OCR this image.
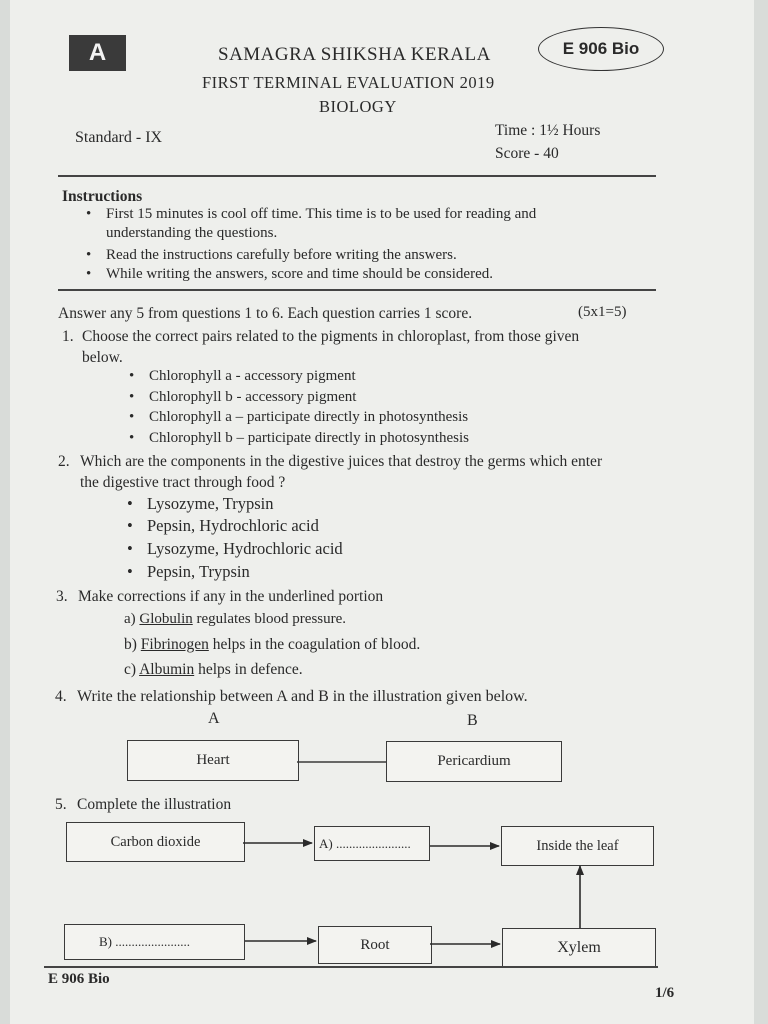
A	E 906 Bio
SAMAGRA SHIKSHA KERALA
FIRST TERMINAL EVALUATION 2019
BIOLOGY
Standard - IX	Time : 1½ Hours
Score - 40
Instructions
• First 15 minutes is cool off time. This time is to be used for reading and
understanding the questions.
• Read the instructions carefully before writing the answers.
• While writing the answers, score and time should be considered.
Answer any 5 from questions 1 to 6. Each question carries 1 score.	(5x1=5)
1. Choose the correct pairs related to the pigments in chloroplast, from those given
below.
• Chlorophyll a - accessory pigment
• Chlorophyll b - accessory pigment
• Chlorophyll a – participate directly in photosynthesis
• Chlorophyll b – participate directly in photosynthesis
2. Which are the components in the digestive juices that destroy the germs which enter
the digestive tract through food ?
• Lysozyme, Trypsin
• Pepsin, Hydrochloric acid
• Lysozyme, Hydrochloric acid
• Pepsin, Trypsin
3. Make corrections if any in the underlined portion
a) Globulin regulates blood pressure.
b) Fibrinogen helps in the coagulation of blood.
c) Albumin helps in defence.
4. Write the relationship between A and B in the illustration given below.
A	B
Heart	Pericardium
5. Complete the illustration
Carbon dioxide	A) .......................	Inside the leaf
B) .......................	Root	Xylem
E 906 Bio
1/6
